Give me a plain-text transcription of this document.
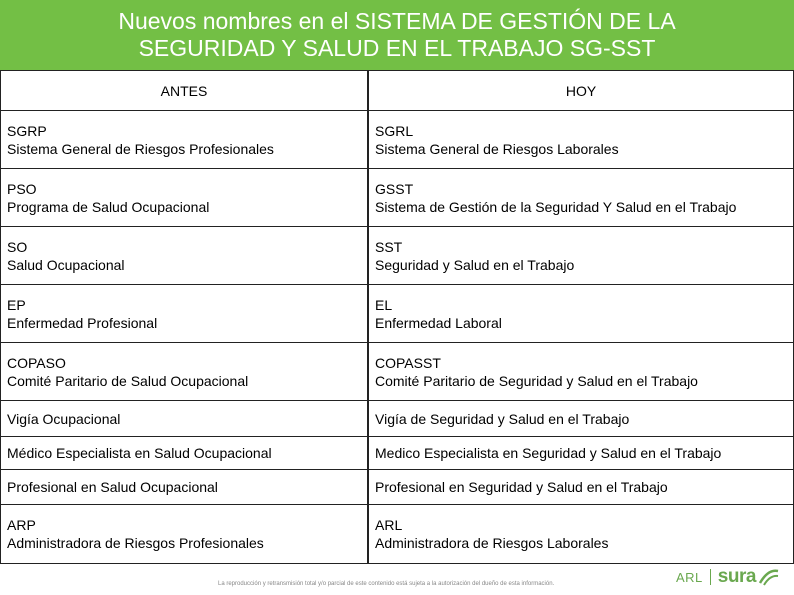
Nuevos nombres en el SISTEMA DE GESTIÓN DE LA
SEGURIDAD Y SALUD EN EL TRABAJO SG-SST
ANTES
SGRP
Sistema General de Riesgos Profesionales
PSO
Programa de Salud Ocupacional
SO
Salud Ocupacional
EP
Enfermedad Profesional
COPASO
Comité Paritario de Salud Ocupacional
Vigía Ocupacional
Médico Especialista en Salud Ocupacional
Profesional en Salud Ocupacional
ARP
Administradora de Riesgos Profesionales
HOY
SGRL
Sistema General de Riesgos Laborales
GSST
Sistema de Gestión de la Seguridad Y Salud en el Trabajo
SST
Seguridad y Salud en el Trabajo
EL
Enfermedad Laboral
COPASST
Comité Paritario de Seguridad y Salud en el Trabajo
Vigía de Seguridad y Salud en el Trabajo
Medico Especialista en Seguridad y Salud en el Trabajo
Profesional en Seguridad y Salud en el Trabajo
ARL
Administradora de Riesgos Laborales
La reproducción y retransmisión total y/o parcial de este contenido está sujeta a la autorización del dueño de esta información.	ARL sura
